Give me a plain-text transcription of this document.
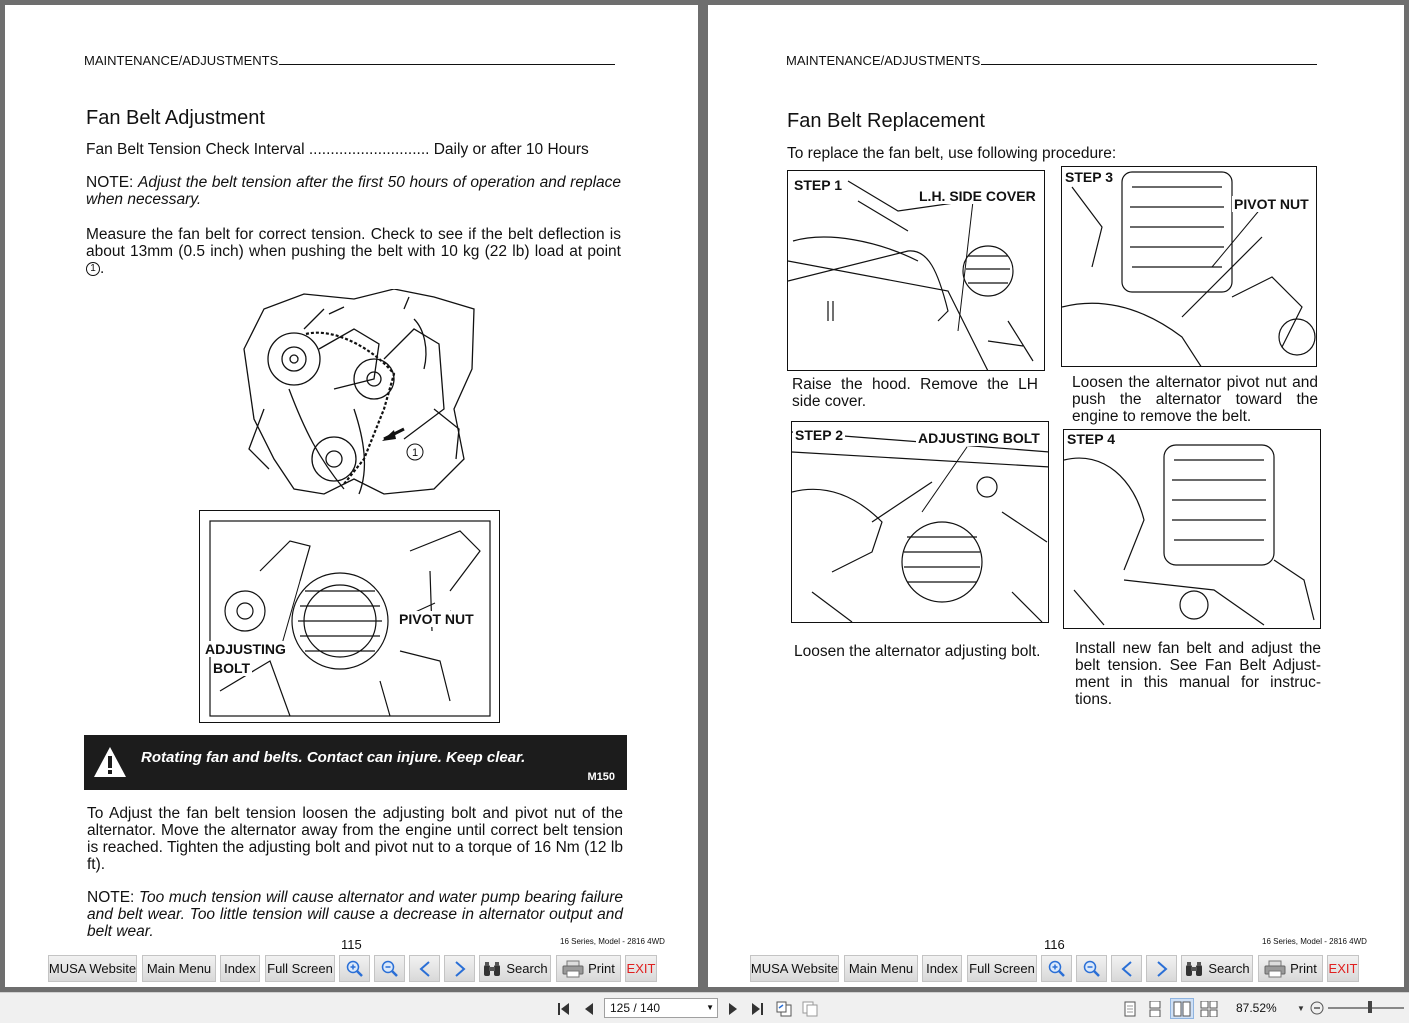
MAINTENANCE/ADJUSTMENTS
Fan Belt Adjustment
Fan Belt Tension Check Interval ............................ Daily or after 10 Hours
NOTE: Adjust the belt tension after the first 50 hours of operation and replace when necessary.
Measure the fan belt for correct tension. Check to see if the belt deflection is about 13mm (0.5 inch) when pushing the belt with 10 kg (22 lb) load at point 1 .
1
PIVOT NUT
ADJUSTING
BOLT
Rotating fan and belts. Contact can injure. Keep clear.
M150
To Adjust the fan belt tension loosen the adjusting bolt and pivot nut of the alternator. Move the alternator away from the engine until correct belt tension is reached. Tighten the adjusting bolt and pivot nut to a torque of 16 Nm (12 lb ft).
NOTE: Too much tension will cause alternator and water pump bearing failure and belt wear. Too little tension will cause a decrease in alternator output and belt wear.
115	16 Series, Model - 2816 4WD
MUSA Website Main Menu Index Full Screen	Search	Print EXIT
MAINTENANCE/ADJUSTMENTS
Fan Belt Replacement
To replace the fan belt, use following procedure:
STEP 1
L.H. SIDE COVER
Raise the hood. Remove the LH side cover.
STEP 3
PIVOT NUT
Loosen the alternator pivot nut and push the alternator toward the engine to remove the belt.
STEP 2	ADJUSTING BOLT
Loosen the alternator adjusting bolt.
STEP 4
Install new fan belt and adjust the belt tension. See Fan Belt Adjust-ment in this manual for instruc-tions.
116	16 Series, Model - 2816 4WD
MUSA Website Main Menu Index Full Screen	Search	Print EXIT
125 / 140	▼	87.52%	▼
